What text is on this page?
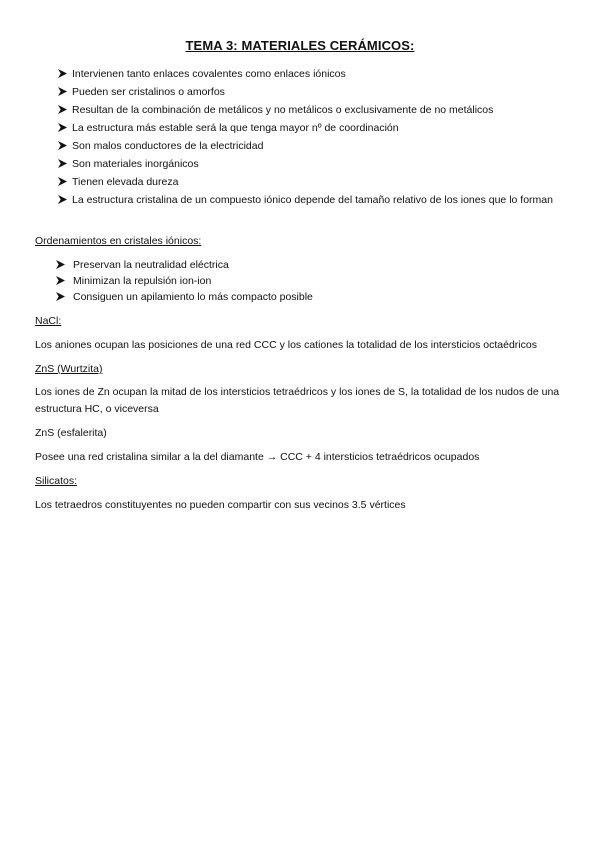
TEMA 3: MATERIALES CERÁMICOS:
Intervienen tanto enlaces covalentes como enlaces iónicos
Pueden ser cristalinos o amorfos
Resultan de la combinación de metálicos y no metálicos o exclusivamente de no metálicos
La estructura más estable será la que tenga mayor nº de coordinación
Son malos conductores de la electricidad
Son materiales inorgánicos
Tienen elevada dureza
La estructura cristalina de un compuesto iónico depende del tamaño relativo de los iones que lo forman
Ordenamientos en cristales iónicos:
Preservan la neutralidad eléctrica
Minimizan la repulsión ion-ion
Consiguen un apilamiento lo más compacto posible
NaCl:
Los aniones ocupan las posiciones de una red CCC y los cationes la totalidad de los intersticios octaédricos
ZnS (Wurtzita)
Los iones de Zn ocupan la mitad de los intersticios tetraédricos y los iones de S, la totalidad de los nudos de una estructura HC, o viceversa
ZnS (esfalerita)
Posee una red cristalina similar a la del diamante → CCC + 4 intersticios tetraédricos ocupados
Silicatos:
Los tetraedros constituyentes no pueden compartir con sus vecinos 3.5 vértices
